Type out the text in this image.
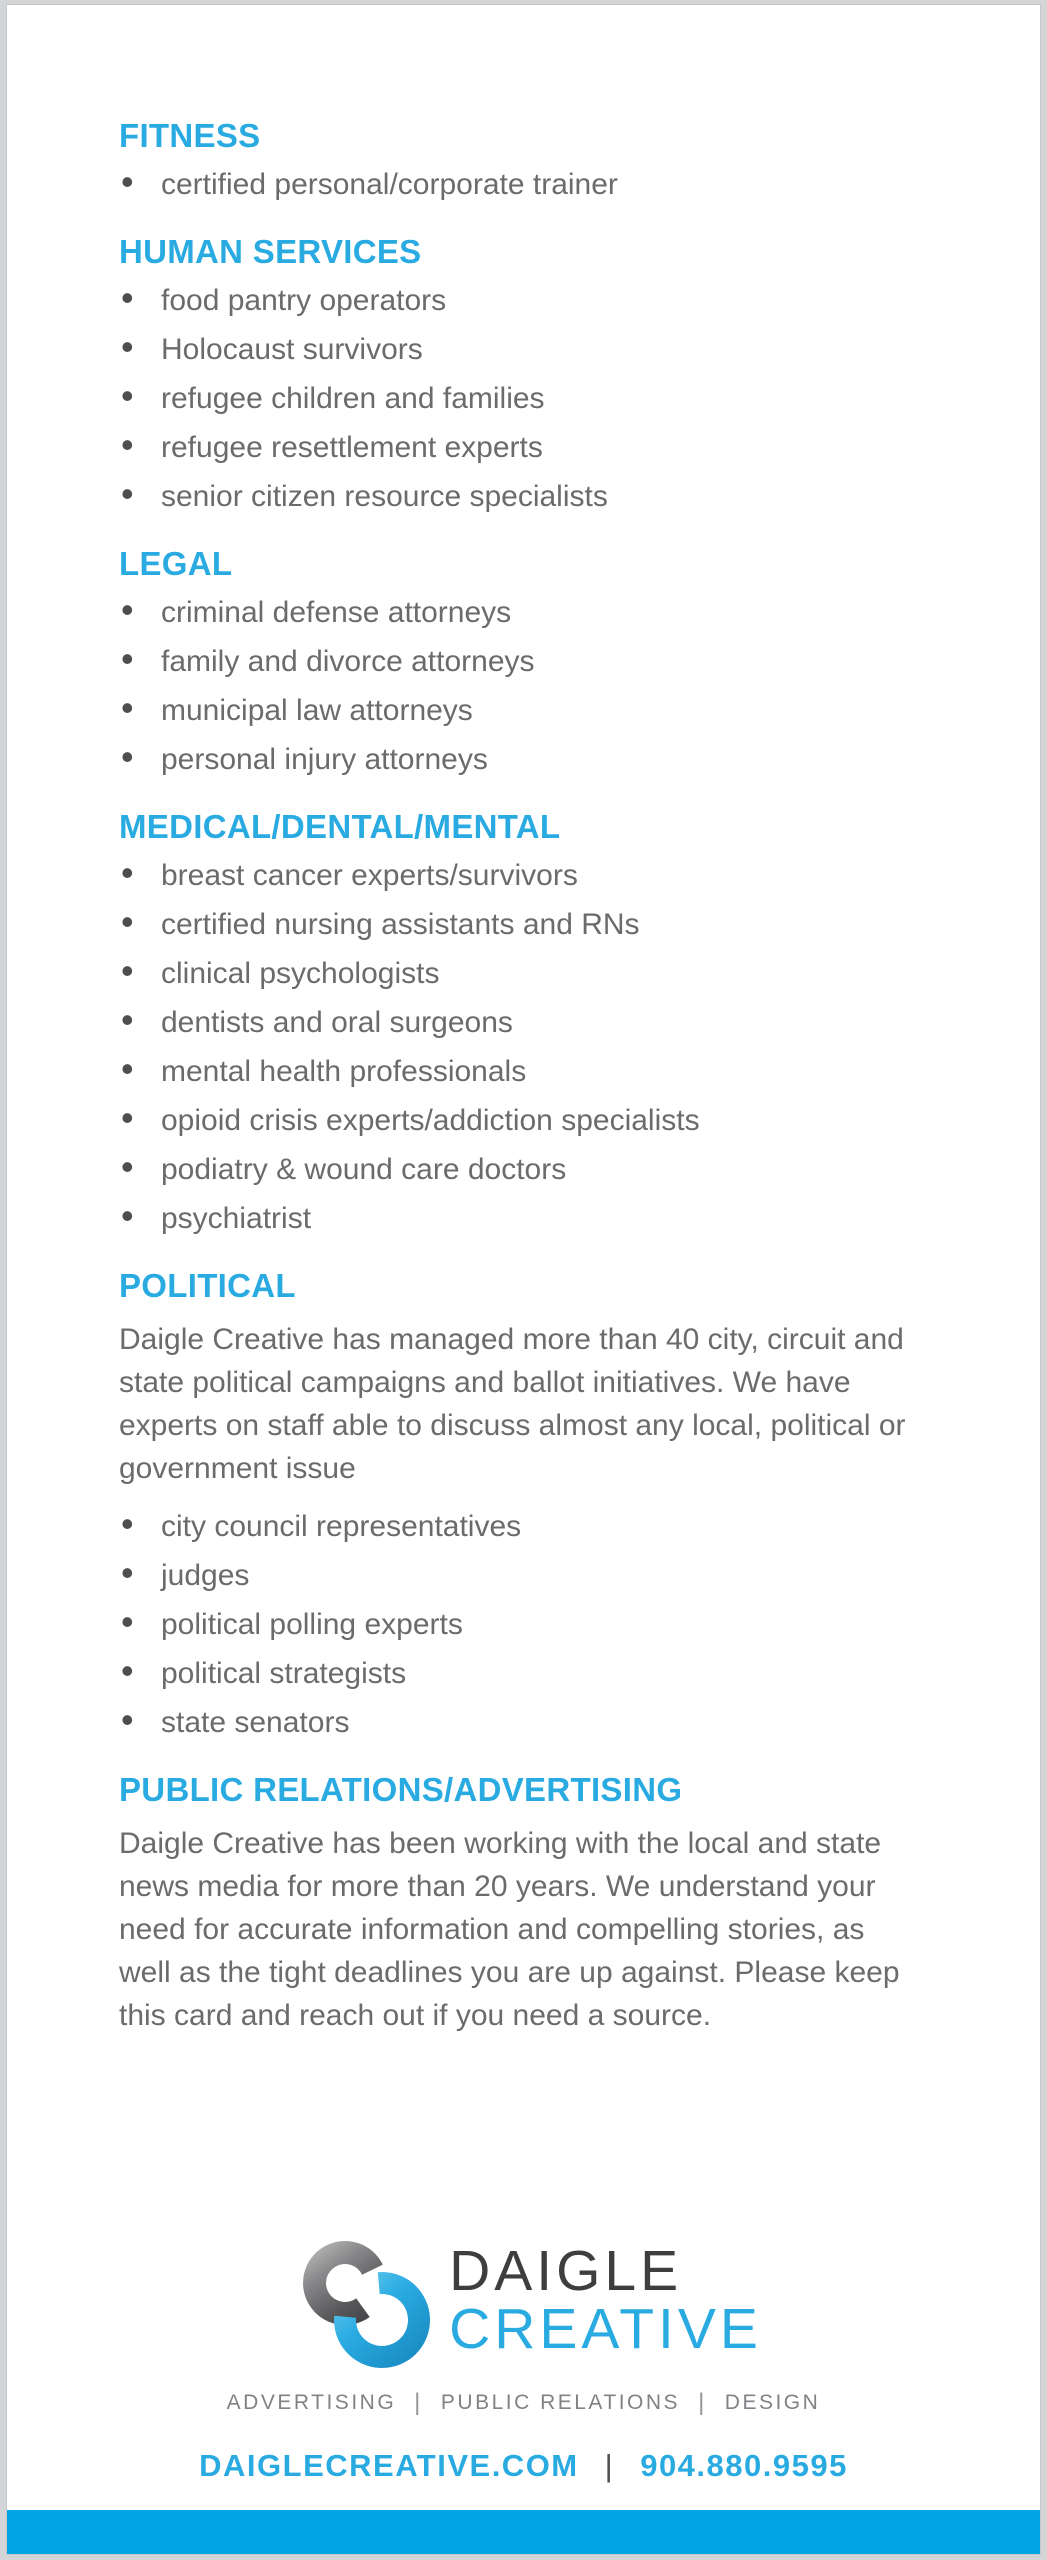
FITNESS
• certified personal/corporate trainer
HUMAN SERVICES
• food pantry operators
• Holocaust survivors
• refugee children and families
• refugee resettlement experts
• senior citizen resource specialists
LEGAL
• criminal defense attorneys
• family and divorce attorneys
• municipal law attorneys
• personal injury attorneys
MEDICAL/DENTAL/MENTAL
• breast cancer experts/survivors
• certified nursing assistants and RNs
• clinical psychologists
• dentists and oral surgeons
• mental health professionals
• opioid crisis experts/addiction specialists
• podiatry & wound care doctors
• psychiatrist
POLITICAL

Daigle Creative has managed more than 40 city, circuit and state political campaigns and ballot initiatives. We have experts on staff able to discuss almost any local, political or government issue

• city council representatives
• judges
• political polling experts
• political strategists
• state senators
PUBLIC RELATIONS/ADVERTISING

Daigle Creative has been working with the local and state news media for more than 20 years. We understand your need for accurate information and compelling stories, as well as the tight deadlines you are up against. Please keep this card and reach out if you need a source.

DAIGLE
CREATIVE
ADVERTISING | PUBLIC RELATIONS | DESIGN
DAIGLECREATIVE.COM | 904.880.9595
